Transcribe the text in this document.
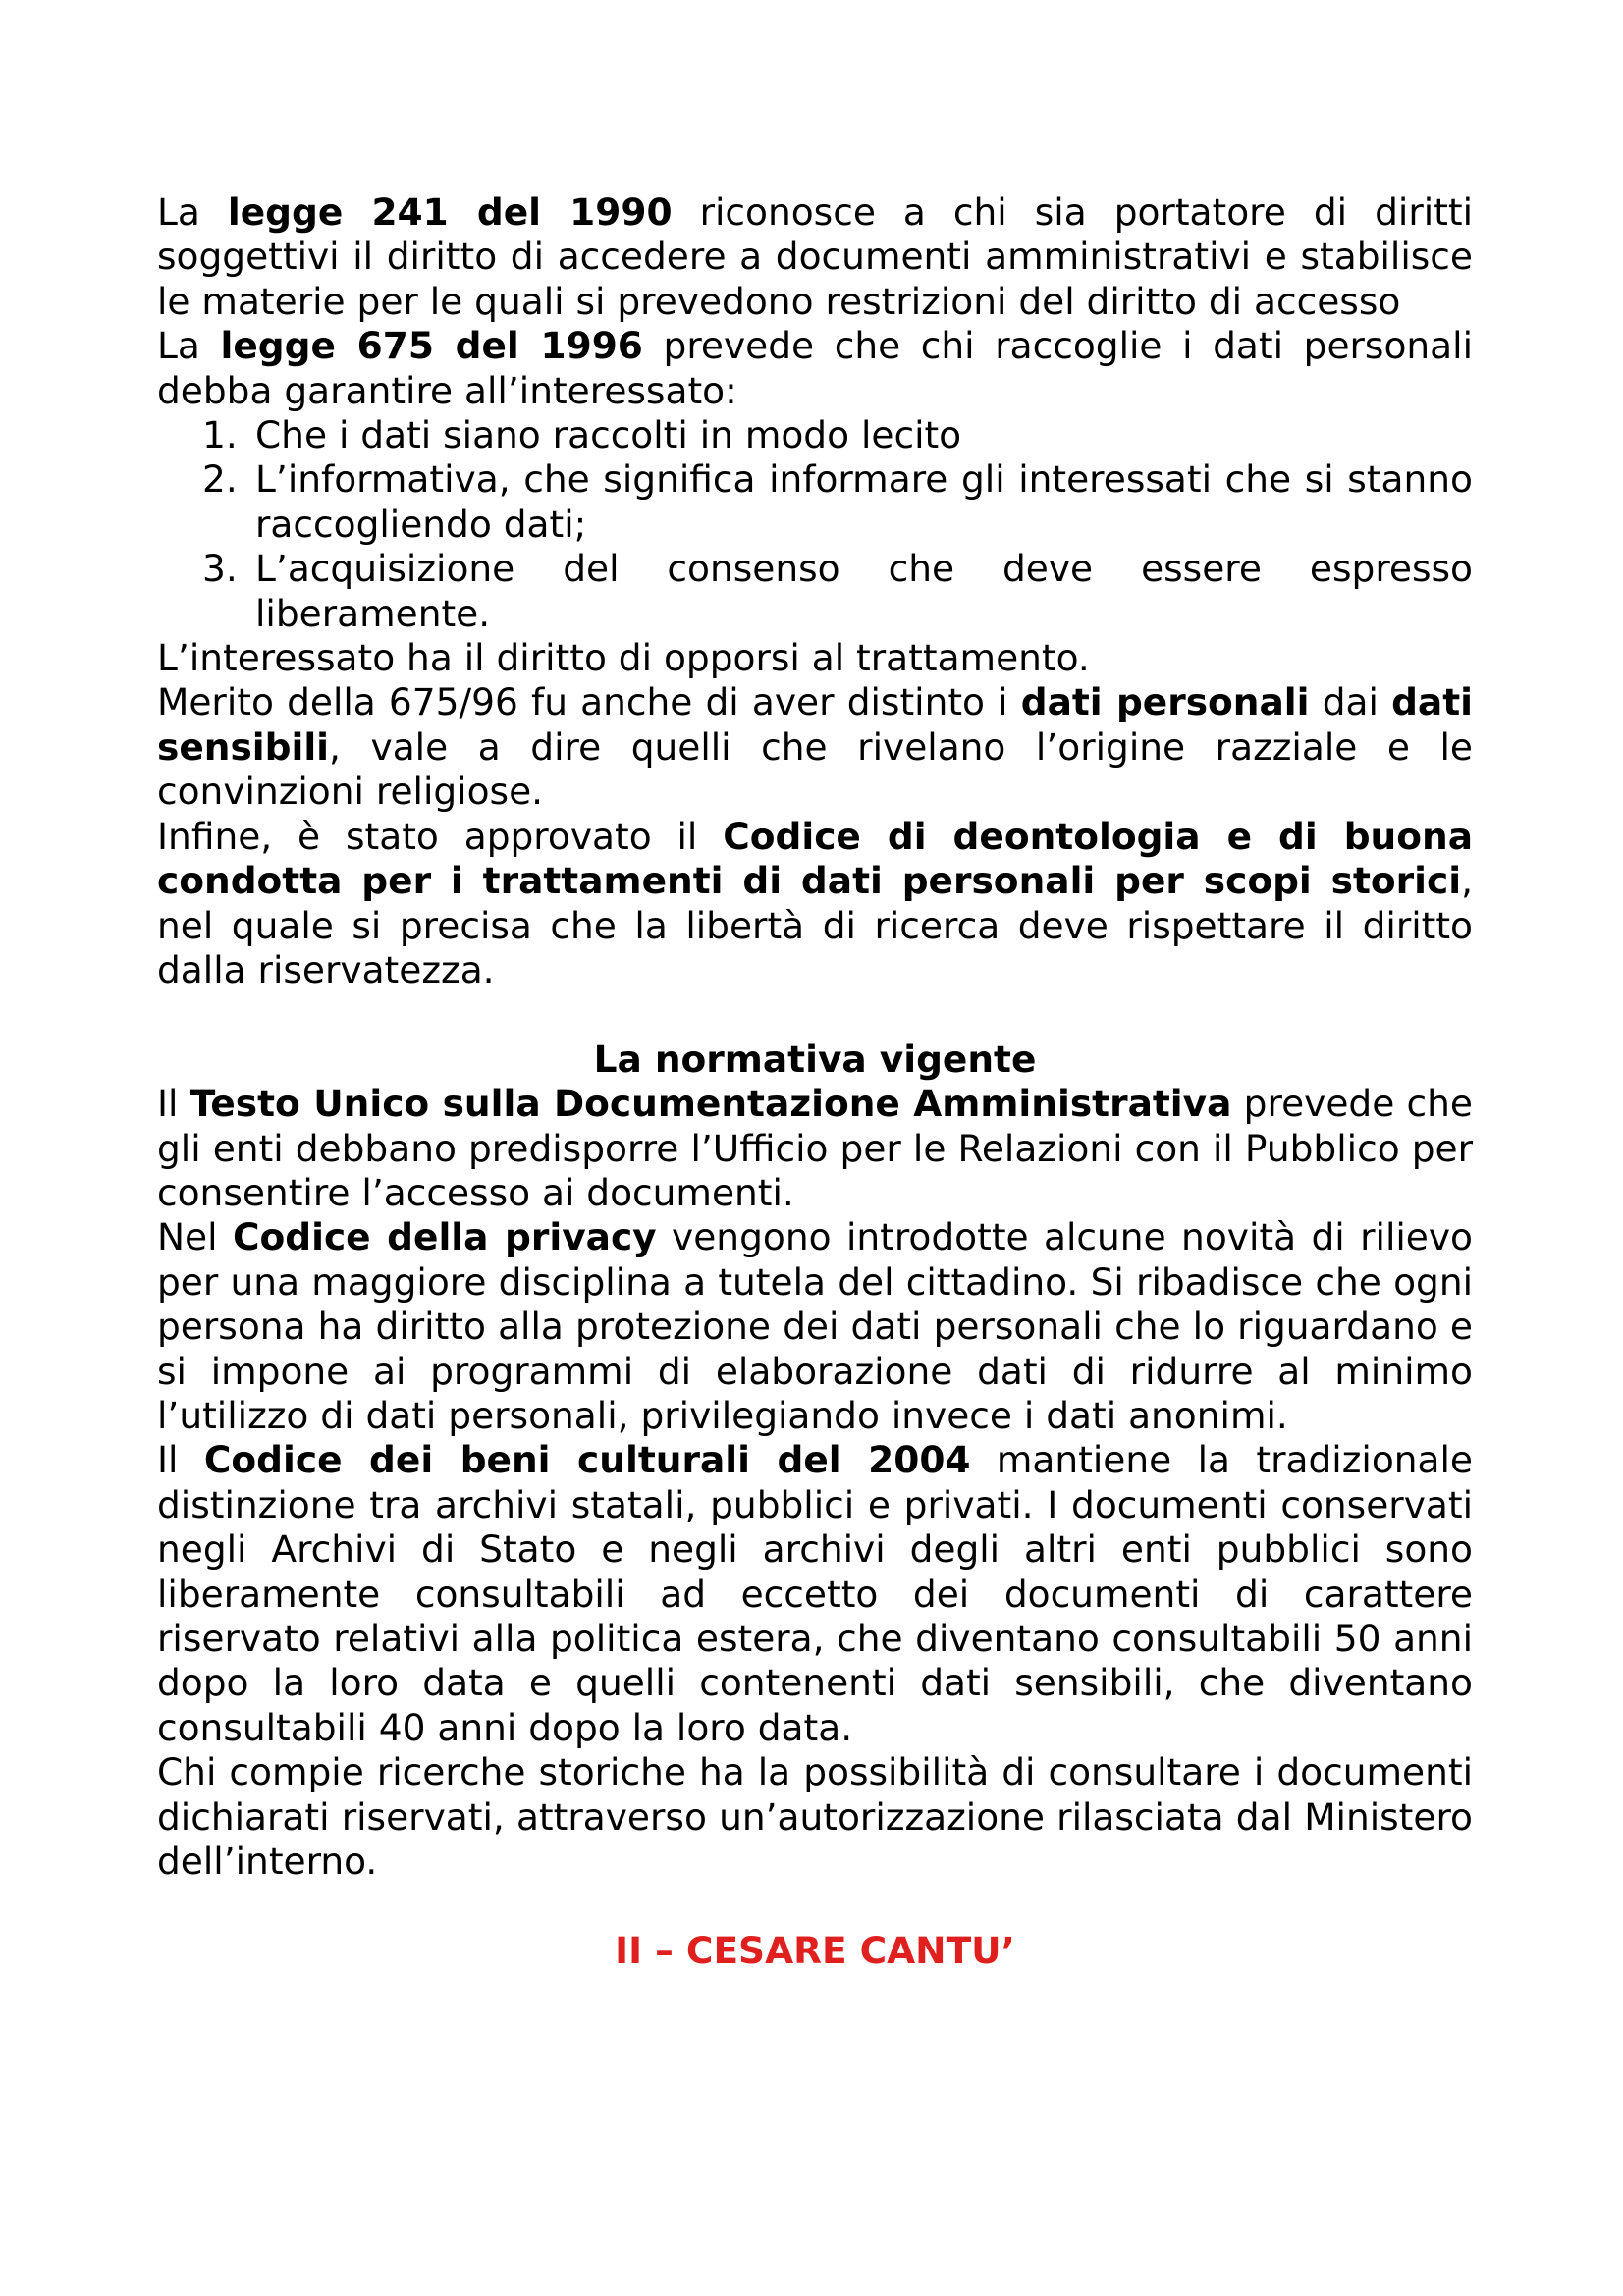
La legge 241 del 1990 riconosce a chi sia portatore di diritti soggettivi il diritto di accedere a documenti amministrativi e stabilisce le materie per le quali si prevedono restrizioni del diritto di accesso

La legge 675 del 1996 prevede che chi raccoglie i dati personali debba garantire all’interessato:

1. Che i dati siano raccolti in modo lecito
2. L’informativa, che significa informare gli interessati che si stanno raccogliendo dati;
3. L’acquisizione del consenso che deve essere espresso liberamente.

L’interessato ha il diritto di opporsi al trattamento.

Merito della 675/96 fu anche di aver distinto i dati personali dai dati sensibili, vale a dire quelli che rivelano l’origine razziale e le convinzioni religiose.

Infine, è stato approvato il Codice di deontologia e di buona condotta per i trattamenti di dati personali per scopi storici, nel quale si precisa che la libertà di ricerca deve rispettare il diritto dalla riservatezza.

La normativa vigente

Il Testo Unico sulla Documentazione Amministrativa prevede che gli enti debbano predisporre l’Ufficio per le Relazioni con il Pubblico per consentire l’accesso ai documenti.

Nel Codice della privacy vengono introdotte alcune novità di rilievo per una maggiore disciplina a tutela del cittadino. Si ribadisce che ogni persona ha diritto alla protezione dei dati personali che lo riguardano e si impone ai programmi di elaborazione dati di ridurre al minimo l’utilizzo di dati personali, privilegiando invece i dati anonimi.

Il Codice dei beni culturali del 2004 mantiene la tradizionale distinzione tra archivi statali, pubblici e privati. I documenti conservati negli Archivi di Stato e negli archivi degli altri enti pubblici sono liberamente consultabili ad eccetto dei documenti di carattere riservato relativi alla politica estera, che diventano consultabili 50 anni dopo la loro data e quelli contenenti dati sensibili, che diventano consultabili 40 anni dopo la loro data.

Chi compie ricerche storiche ha la possibilità di consultare i documenti dichiarati riservati, attraverso un’autorizzazione rilasciata dal Ministero dell’interno.

II – CESARE CANTU’
